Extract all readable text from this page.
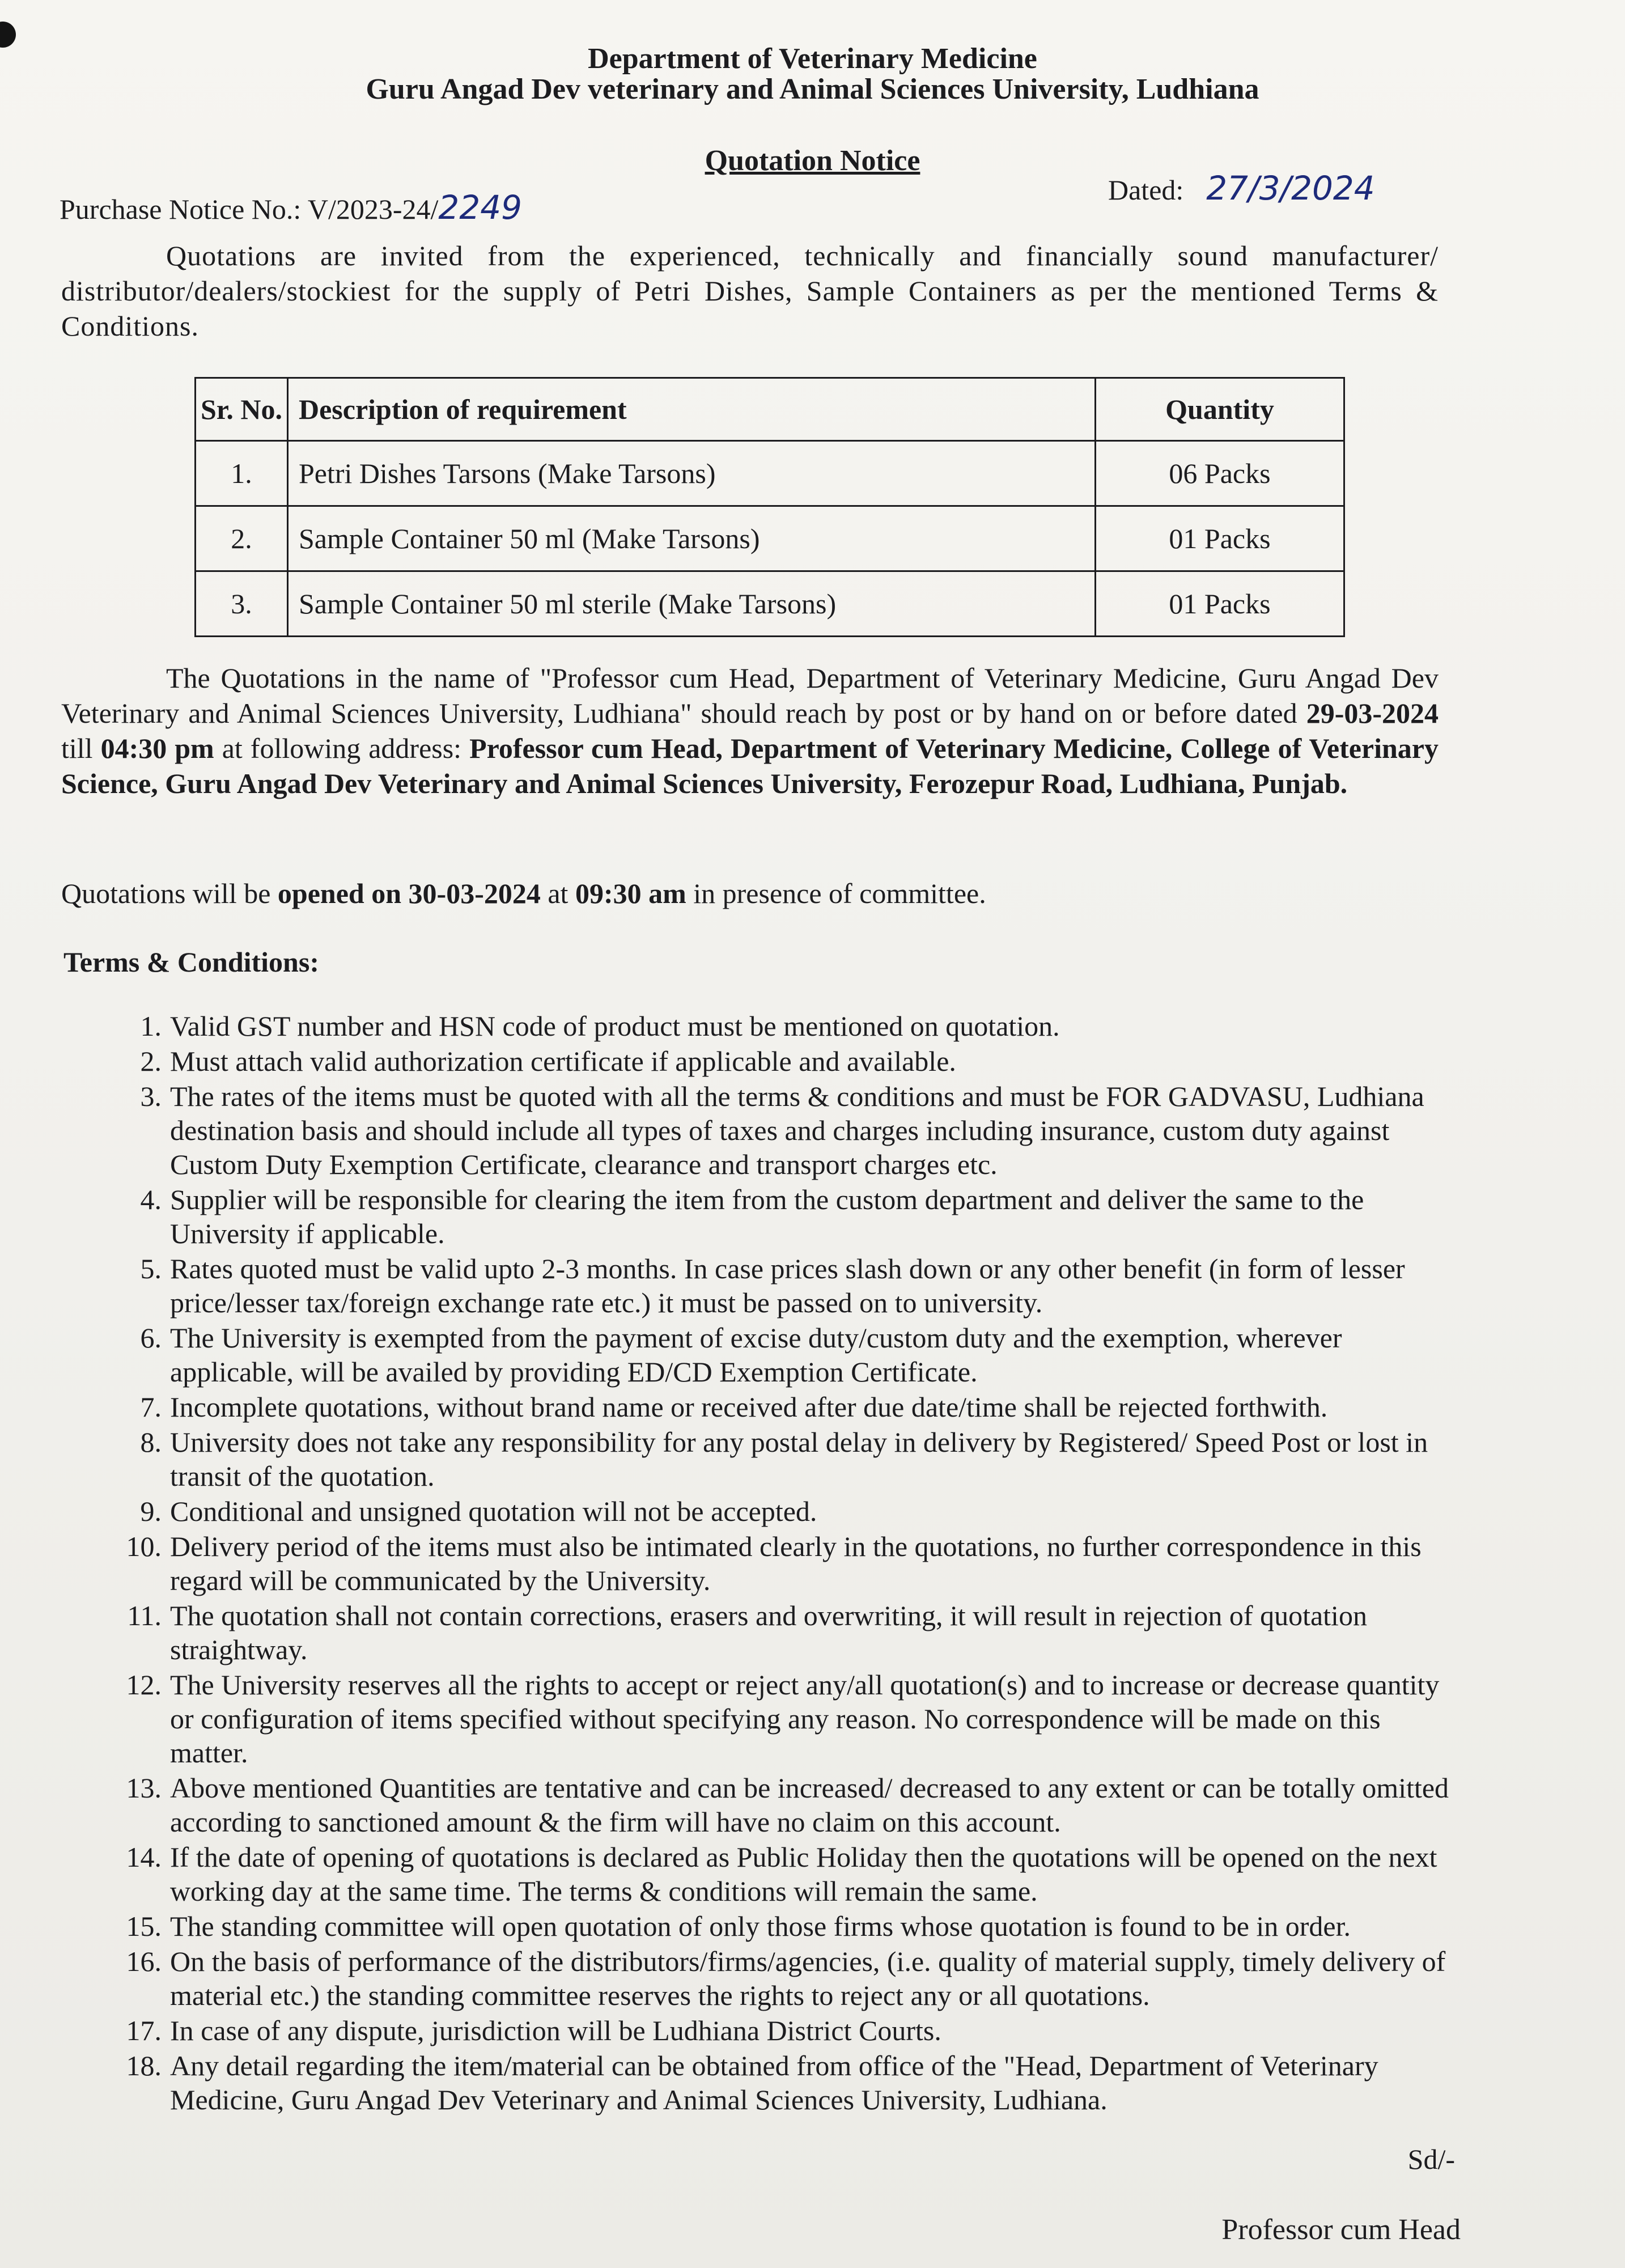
Department of Veterinary Medicine
Guru Angad Dev veterinary and Animal Sciences University, Ludhiana
Quotation Notice
Purchase Notice No.: V/2023-24/2249	Dated: 27/3/2024
Quotations are invited from the experienced, technically and financially sound manufacturer/ distributor/dealers/stockiest for the supply of Petri Dishes, Sample Containers as per the mentioned Terms & Conditions.
Sr. No.	Description of requirement	Quantity
1.	Petri Dishes Tarsons (Make Tarsons)	06 Packs
2.	Sample Container 50 ml (Make Tarsons)	01 Packs
3.	Sample Container 50 ml sterile (Make Tarsons)	01 Packs
The Quotations in the name of "Professor cum Head, Department of Veterinary Medicine, Guru Angad Dev Veterinary and Animal Sciences University, Ludhiana" should reach by post or by hand on or before dated 29-03-2024 till 04:30 pm at following address: Professor cum Head, Department of Veterinary Medicine, College of Veterinary Science, Guru Angad Dev Veterinary and Animal Sciences University, Ferozepur Road, Ludhiana, Punjab.
Quotations will be opened on 30-03-2024 at 09:30 am in presence of committee.
Terms & Conditions:
1. Valid GST number and HSN code of product must be mentioned on quotation.
2. Must attach valid authorization certificate if applicable and available.
3. The rates of the items must be quoted with all the terms & conditions and must be FOR GADVASU, Ludhiana destination basis and should include all types of taxes and charges including insurance, custom duty against Custom Duty Exemption Certificate, clearance and transport charges etc.
4. Supplier will be responsible for clearing the item from the custom department and deliver the same to the University if applicable.
5. Rates quoted must be valid upto 2-3 months. In case prices slash down or any other benefit (in form of lesser price/lesser tax/foreign exchange rate etc.) it must be passed on to university.
6. The University is exempted from the payment of excise duty/custom duty and the exemption, wherever applicable, will be availed by providing ED/CD Exemption Certificate.
7. Incomplete quotations, without brand name or received after due date/time shall be rejected forthwith.
8. University does not take any responsibility for any postal delay in delivery by Registered/ Speed Post or lost in transit of the quotation.
9. Conditional and unsigned quotation will not be accepted.
10. Delivery period of the items must also be intimated clearly in the quotations, no further correspondence in this regard will be communicated by the University.
11. The quotation shall not contain corrections, erasers and overwriting, it will result in rejection of quotation straightway.
12. The University reserves all the rights to accept or reject any/all quotation(s) and to increase or decrease quantity or configuration of items specified without specifying any reason. No correspondence will be made on this matter.
13. Above mentioned Quantities are tentative and can be increased/ decreased to any extent or can be totally omitted according to sanctioned amount & the firm will have no claim on this account.
14. If the date of opening of quotations is declared as Public Holiday then the quotations will be opened on the next working day at the same time. The terms & conditions will remain the same.
15. The standing committee will open quotation of only those firms whose quotation is found to be in order.
16. On the basis of performance of the distributors/firms/agencies, (i.e. quality of material supply, timely delivery of material etc.) the standing committee reserves the rights to reject any or all quotations.
17. In case of any dispute, jurisdiction will be Ludhiana District Courts.
18. Any detail regarding the item/material can be obtained from office of the "Head, Department of Veterinary Medicine, Guru Angad Dev Veterinary and Animal Sciences University, Ludhiana.
Sd/-
Professor cum Head
